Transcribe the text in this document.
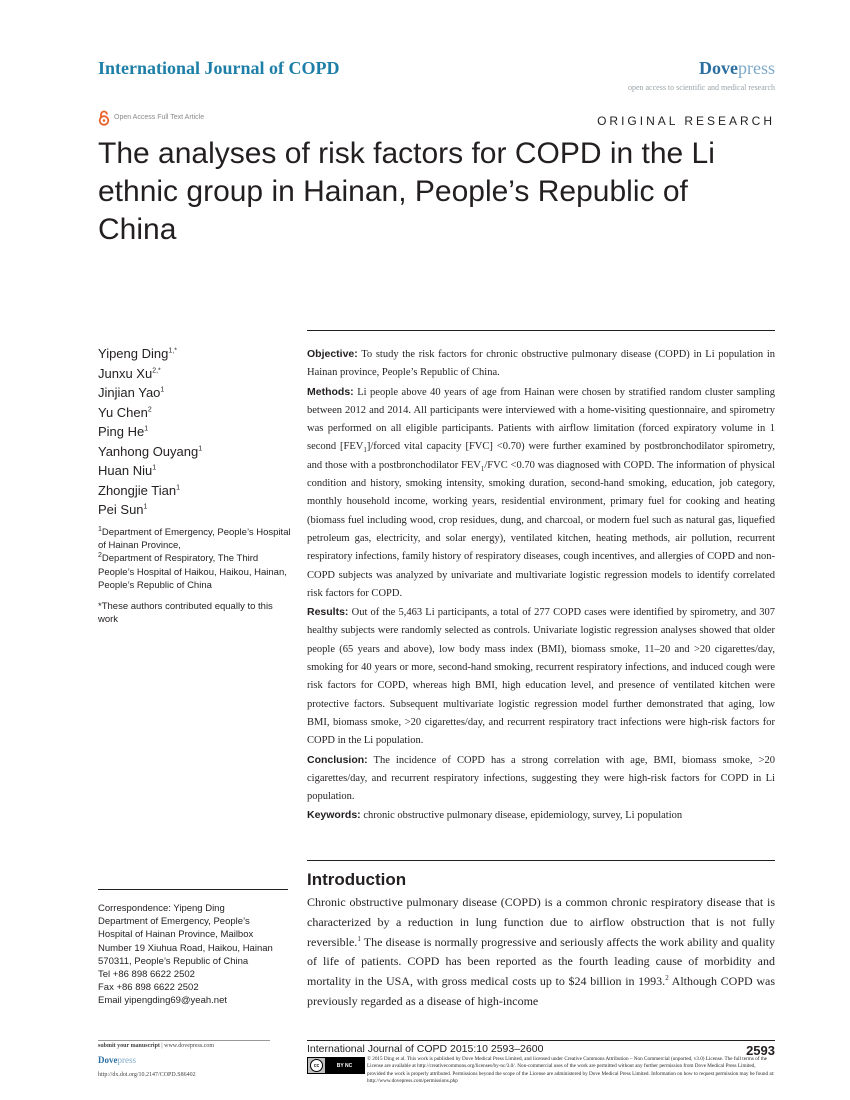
International Journal of COPD	Dovepress
open access to scientific and medical research
Open Access Full Text Article	ORIGINAL RESEARCH
The analyses of risk factors for COPD in the Li ethnic group in Hainan, People’s Republic of China
Yipeng Ding$^{1,*}$
Junxu $Xu^{2,*}$
Jinjian Yao$^1$
Yu Chen$^2$
Ping He$^1$
Yanhong Ouyang$^1$
Huan Niu$^1$
Zhongjie Tian$^1$
Pei Sun$^1$
$^1$Department of Emergency, People’s Hospital of Hainan Province,
$^2$Department of Respiratory, The Third People’s Hospital of Haikou, Haikou, Hainan, People’s Republic of China
*These authors contributed equally to this work

Objective: To study the risk factors for chronic obstructive pulmonary disease (COPD) in Li population in Hainan province, People’s Republic of China.

Methods: Li people above 40 years of age from Hainan were chosen by stratified random cluster sampling between 2012 and 2014. All participants were interviewed with a home-visiting questionnaire, and spirometry was performed on all eligible participants. Patients with airflow limitation (forced expiratory volume in 1 second $[FEV_1]$/forced vital capacity [FVC] <0.70) were further examined by postbronchodilator spirometry, and those with a postbronchodilator $FEV_1$/FVC <0.70 was diagnosed with COPD. The information of physical condition and history, smoking intensity, smoking duration, second-hand smoking, education, job category, monthly household income, working years, residential environment, primary fuel for cooking and heating (biomass fuel including wood, crop residues, dung, and charcoal, or modern fuel such as natural gas, liquefied petroleum gas, electricity, and solar energy), ventilated kitchen, heating methods, air pollution, recurrent respiratory infections, family history of respiratory diseases, cough incentives, and allergies of COPD and non-COPD subjects was analyzed by univariate and multivariate logistic regression models to identify correlated risk factors for COPD.

Results: Out of the 5,463 Li participants, a total of 277 COPD cases were identified by spirometry, and 307 healthy subjects were randomly selected as controls. Univariate logistic regression analyses showed that older people (65 years and above), low body mass index (BMI), biomass smoke, 11–20 and >20 cigarettes/day, smoking for 40 years or more, second-hand smoking, recurrent respiratory infections, and induced cough were risk factors for COPD, whereas high BMI, high education level, and presence of ventilated kitchen were protective factors. Subsequent multivariate logistic regression model further demonstrated that aging, low BMI, biomass smoke, >20 cigarettes/day, and recurrent respiratory tract infections were high-risk factors for COPD in the Li population.

Conclusion: The incidence of COPD has a strong correlation with age, BMI, biomass smoke, >20 cigarettes/day, and recurrent respiratory infections, suggesting they were high-risk factors for COPD in Li population.

Keywords: chronic obstructive pulmonary disease, epidemiology, survey, Li population

Correspondence: Yipeng Ding
Department of Emergency, People’s
Hospital of Hainan Province, Mailbox
Number 19 Xiuhua Road, Haikou, Hainan
570311, People’s Republic of China
Tel +86 898 6622 2502
Fax +86 898 6622 2502
Email yipengding69@yeah.net
Introduction

Chronic obstructive pulmonary disease (COPD) is a common chronic respiratory disease that is characterized by a reduction in lung function due to airflow obstruction that is not fully reversible.$^1$ The disease is normally progressive and seriously affects the work ability and quality of life of patients. COPD has been reported as the fourth leading cause of morbidity and mortality in the USA, with gross medical costs up to $24 billion in 1993.$^2$ Although COPD was previously regarded as a disease of high-income

submit your manuscript | www.dovepress.com
Dovepress
http://dx.doi.org/10.2147/COPD.S86402
International Journal of COPD 2015:10 2593–2600	2593
cc	BY NC
© 2015 Ding et al. This work is published by Dove Medical Press Limited, and licensed under Creative Commons Attribution – Non Commercial (unported, v3.0) License. The full terms of the License are available at http://creativecommons.org/licenses/by-nc/3.0/. Non-commercial uses of the work are permitted without any further permission from Dove Medical Press Limited, provided the work is properly attributed. Permissions beyond the scope of the License are administered by Dove Medical Press Limited. Information on how to request permission may be found at: http://www.dovepress.com/permissions.php
